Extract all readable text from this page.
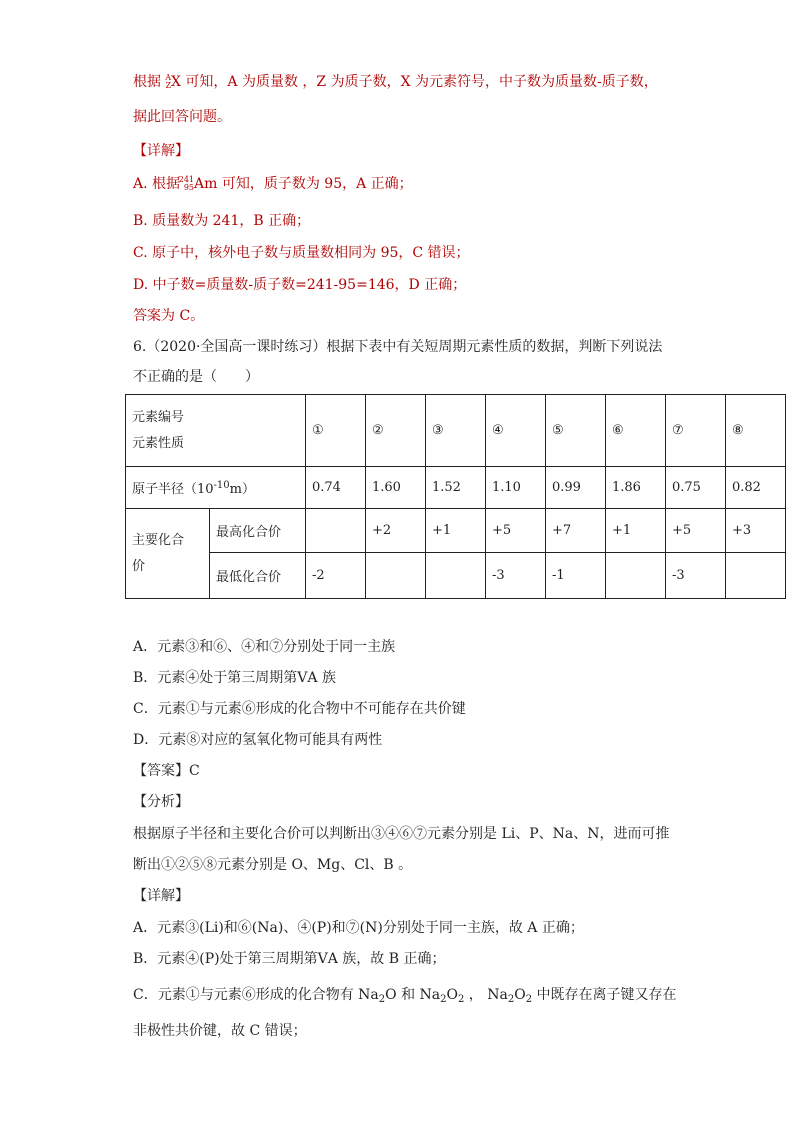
根据 A
Z X 可知，A 为质量数 ，Z 为质子数，X 为元素符号，中子数为质量数-质子数，
据此回答问题。
【详解】
A. 根据
241
95 Am 可知，质子数为 95，A 正确；
B. 质量数为 241，B 正确；
C. 原子中，核外电子数与质量数相同为 95，C 错误；
D. 中子数=质量数-质子数=241-95=146，D 正确；
答案为 C。
6.（2020·全国高一课时练习）根据下表中有关短周期元素性质的数据，判断下列说法
不正确的是（　　）
元素编号
元素性质		①	②	③	④	⑤	⑥	⑦	⑧
原子半径$(10^{-10}m)$		0.74	1.60	1.52	1.10	0.99	1.86	0.75	0.82

主要化合
价	最高化合价		+2	+1	+5	+7	+1	+5	+3
	最低化合价	-2			-3	-1		-3	
A．元素③和⑥、④和⑦分别处于同一主族
B．元素④处于第三周期第ⅤA 族
C．元素①与元素⑥形成的化合物中不可能存在共价键
D．元素⑧对应的氢氧化物可能具有两性
【答案】C
【分析】
根据原子半径和主要化合价可以判断出③④⑥⑦元素分别是 Li、P、Na、N，进而可推
断出①②⑤⑧元素分别是 O、Mg、Cl、B 。
【详解】
A．元素③(Li)和⑥(Na)、④(P)和⑦(N)分别处于同一主族，故 A 正确；
B．元素④(P)处于第三周期第ⅤA 族，故 B 正确；
C．元素①与元素⑥形成的化合物有 $Na_2O$ 和 $Na_2O_2$ ， $Na_2O_2$ 中既存在离子键又存在
非极性共价键，故 C 错误；
